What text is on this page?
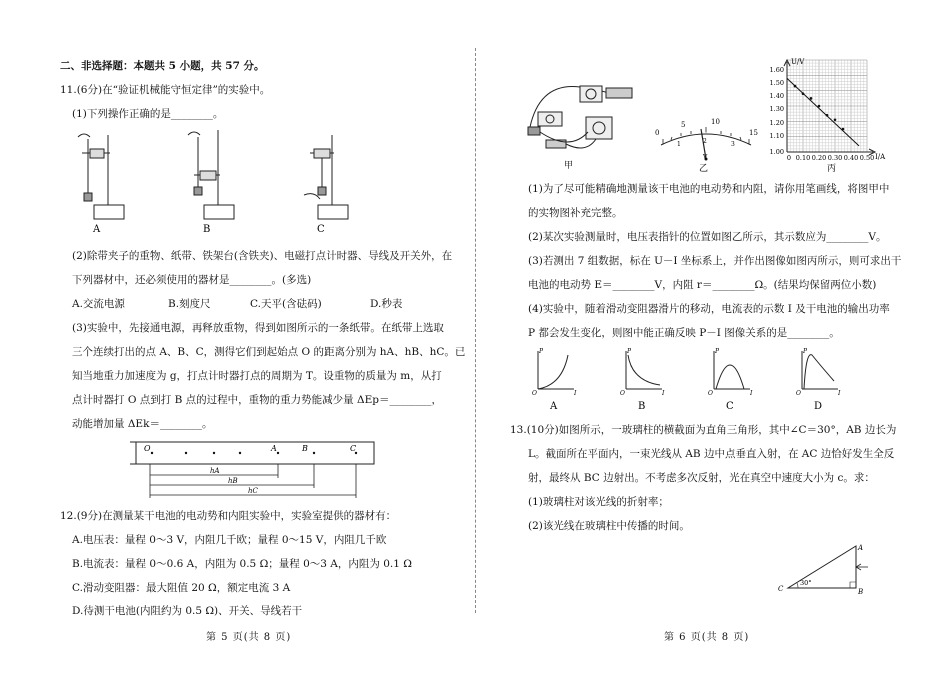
二、非选择题：本题共 5 小题，共 57 分。
11.(6分)在“验证机械能守恒定律”的实验中。
(1)下列操作正确的是________。
A	B	C
(2)除带夹子的重物、纸带、铁架台(含铁夹)、电磁打点计时器、导线及开关外，在
下列器材中，还必须使用的器材是________。(多选)
A.交流电源	B.刻度尺	C.天平(含砝码)	D.秒表
(3)实验中，先接通电源，再释放重物，得到如图所示的一条纸带。在纸带上选取
三个连续打出的点 A、B、C，测得它们到起始点 O 的距离分别为 hA、hB、hC。已
知当地重力加速度为 g，打点计时器打点的周期为 T。设重物的质量为 m，从打
点计时器打 O 点到打 B 点的过程中，重物的重力势能减少量 ΔEp＝________，
动能增加量 ΔEk＝________。
O	A	B	C
hA
hB
hC
12.(9分)在测量某干电池的电动势和内阻实验中，实验室提供的器材有：
A.电压表：量程 0～3 V，内阻几千欧；量程 0～15 V，内阻几千欧
B.电流表：量程 0～0.6 A，内阻为 0.5 Ω；量程 0～3 A，内阻为 0.1 Ω
C.滑动变阻器：最大阻值 20 Ω，额定电流 3 A
D.待测干电池(内阻约为 0.5 Ω)、开关、导线若干
第 5 页(共 8 页)
甲
0
5	10
15
1	2	3
V
乙
U/V
I/A
1.60
1.50
1.40
1.30
1.20
1.10
1.00
0 0.10 0.20 0.30 0.40 0.50
丙
(1)为了尽可能精确地测量该干电池的电动势和内阻，请你用笔画线，将图甲中
的实物图补充完整。
(2)某次实验测量时，电压表指针的位置如图乙所示，其示数应为________V。
(3)若测出 7 组数据，标在 U－I 坐标系上，并作出图像如图丙所示，则可求出干
电池的电动势 E＝________V，内阻 r＝________Ω。(结果均保留两位小数)
(4)实验中，随着滑动变阻器滑片的移动，电流表的示数 I 及干电池的输出功率
P 都会发生变化，则图中能正确反映 P－I 图像关系的是________。
P
O	I
P
O	I
P
O	I
P
O	I
A	B	C	D
13.(10分)如图所示，一玻璃柱的横截面为直角三角形，其中∠C＝30°，AB 边长为
L。截面所在平面内，一束光线从 AB 边中点垂直入射，在 AC 边恰好发生全反
射，最终从 BC 边射出。不考虑多次反射，光在真空中速度大小为 c。求：
(1)玻璃柱对该光线的折射率；
(2)该光线在玻璃柱中传播的时间。
A
B
C
30°
第 6 页(共 8 页)
